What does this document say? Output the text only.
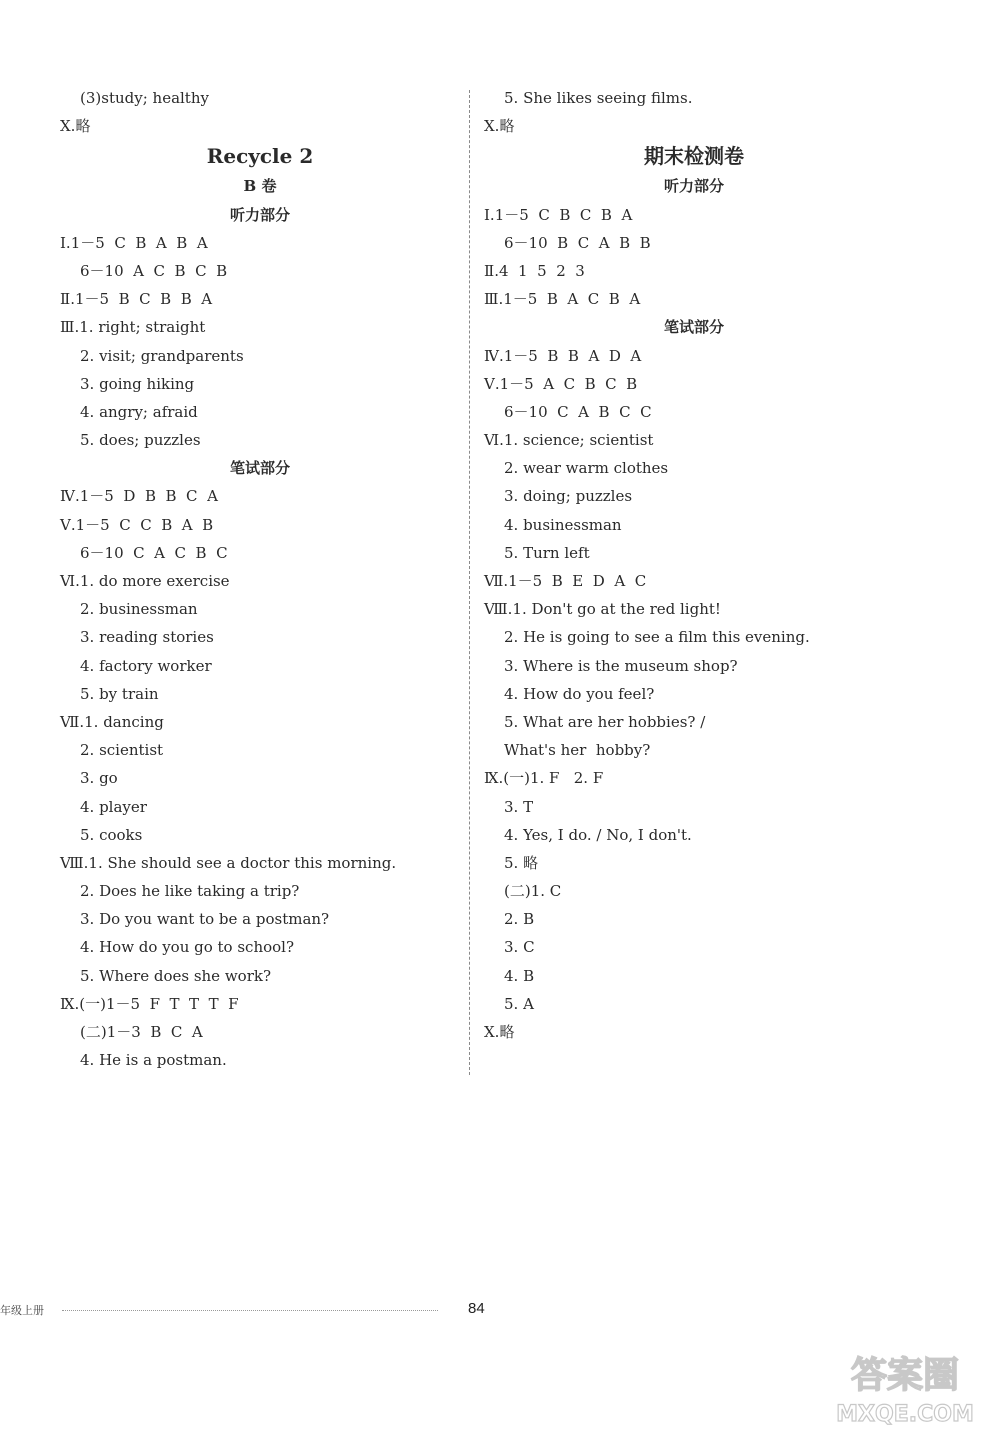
(3)study; healthy
Ⅹ.略
Recycle 2
B 卷
听力部分
Ⅰ.1－5  C  B  A  B  A
6－10  A  C  B  C  B
Ⅱ.1－5  B  C  B  B  A
Ⅲ.1. right; straight
2. visit; grandparents
3. going hiking
4. angry; afraid
5. does; puzzles
笔试部分
Ⅳ.1－5  D  B  B  C  A
Ⅴ.1－5  C  C  B  A  B
6－10  C  A  C  B  C
Ⅵ.1. do more exercise
2. businessman
3. reading stories
4. factory worker
5. by train
Ⅶ.1. dancing
2. scientist
3. go
4. player
5. cooks
Ⅷ.1. She should see a doctor this morning.
2. Does he like taking a trip?
3. Do you want to be a postman?
4. How do you go to school?
5. Where does she work?
Ⅸ.(一)1－5  F  T  T  T  F
(二)1－3  B  C  A
4. He is a postman.
5. She likes seeing films.
Ⅹ.略
期末检测卷
听力部分
Ⅰ.1－5  C  B  C  B  A
6－10  B  C  A  B  B
Ⅱ.4  1  5  2  3
Ⅲ.1－5  B  A  C  B  A
笔试部分
Ⅳ.1－5  B  B  A  D  A
Ⅴ.1－5  A  C  B  C  B
6－10  C  A  B  C  C
Ⅵ.1. science; scientist
2. wear warm clothes
3. doing; puzzles
4. businessman
5. Turn left
Ⅶ.1－5  B  E  D  A  C
Ⅷ.1. Don't go at the red light!
2. He is going to see a film this evening.
3. Where is the museum shop?
4. How do you feel?
5. What are her hobbies? /
What's her  hobby?
Ⅸ.(一)1. F   2. F
3. T
4. Yes, I do. / No, I don't.
5. 略
(二)1. C
2. B
3. C
4. B
5. A
Ⅹ.略
年级上册	84
答案圈
MXQE.COM
